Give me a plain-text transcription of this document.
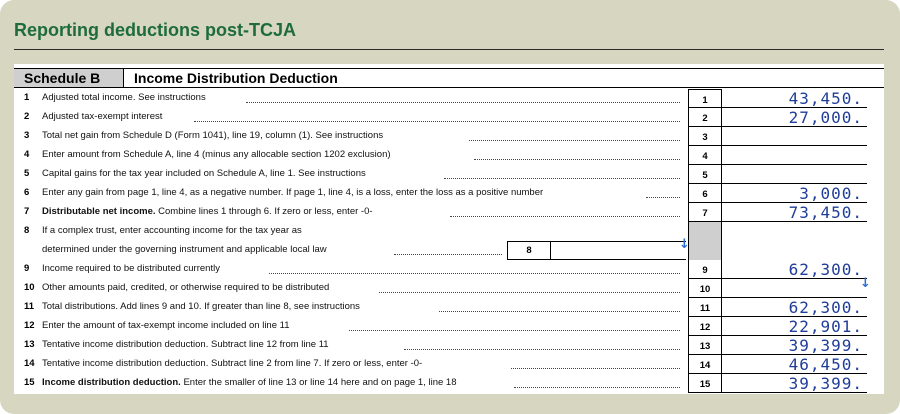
Reporting deductions post-TCJA
Schedule B	Income Distribution Deduction
1 Adjusted total income. See instructions	1	43,450.
2 Adjusted tax-exempt interest	2	27,000.
3 Total net gain from Schedule D (Form 1041), line 19, column (1). See instructions	3
4 Enter amount from Schedule A, line 4 (minus any allocable section 1202 exclusion)	4
5 Capital gains for the tax year included on Schedule A, line 1. See instructions	5
6 Enter any gain from page 1, line 4, as a negative number. If page 1, line 4, is a loss, enter the loss as a positive number	6	3,000.
7 Distributable net income. Combine lines 1 through 6. If zero or less, enter -0-	7	73,450.
8 If a complex trust, enter accounting income for the tax year as
determined under the governing instrument and applicable local law	8	↓
9 Income required to be distributed currently	9	62,300.
10 Other amounts paid, credited, or otherwise required to be distributed	10	↓
11 Total distributions. Add lines 9 and 10. If greater than line 8, see instructions	11	62,300.
12 Enter the amount of tax-exempt income included on line 11	12	22,901.
13 Tentative income distribution deduction. Subtract line 12 from line 11	13	39,399.
14 Tentative income distribution deduction. Subtract line 2 from line 7. If zero or less, enter -0-	14	46,450.
15 Income distribution deduction. Enter the smaller of line 13 or line 14 here and on page 1, line 18	15	39,399.
